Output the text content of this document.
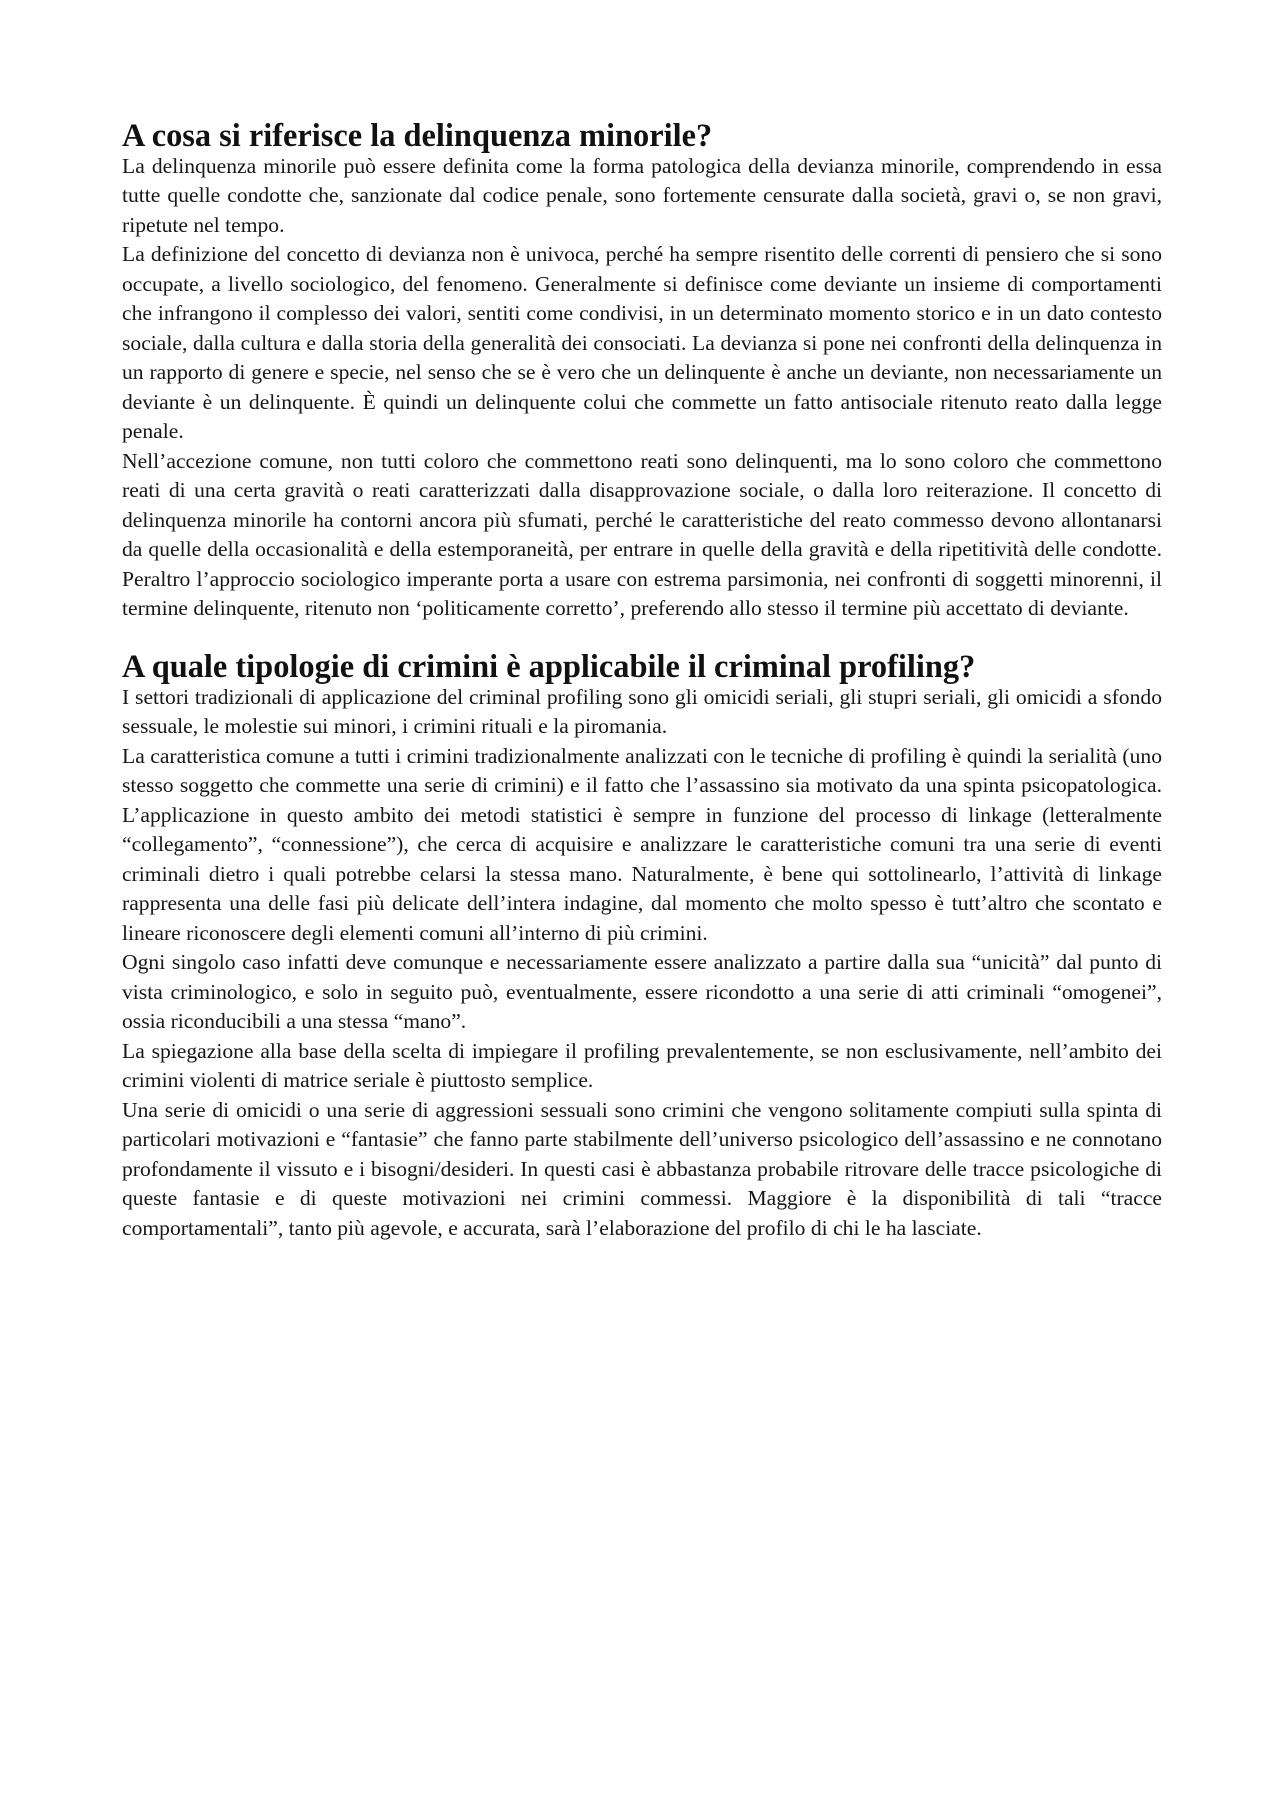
A cosa si riferisce la delinquenza minorile?

La delinquenza minorile può essere definita come la forma patologica della devianza minorile, comprendendo in essa tutte quelle condotte che, sanzionate dal codice penale, sono fortemente censurate dalla società, gravi o, se non gravi, ripetute nel tempo.

La definizione del concetto di devianza non è univoca, perché ha sempre risentito delle correnti di pensiero che si sono occupate, a livello sociologico, del fenomeno. Generalmente si definisce come deviante un insieme di comportamenti che infrangono il complesso dei valori, sentiti come condivisi, in un determinato momento storico e in un dato contesto sociale, dalla cultura e dalla storia della generalità dei consociati. La devianza si pone nei confronti della delinquenza in un rapporto di genere e specie, nel senso che se è vero che un delinquente è anche un deviante, non necessariamente un deviante è un delinquente. È quindi un delinquente colui che commette un fatto antisociale ritenuto reato dalla legge penale.

Nell’accezione comune, non tutti coloro che commettono reati sono delinquenti, ma lo sono coloro che commettono reati di una certa gravità o reati caratterizzati dalla disapprovazione sociale, o dalla loro reiterazione. Il concetto di delinquenza minorile ha contorni ancora più sfumati, perché le caratteristiche del reato commesso devono allontanarsi da quelle della occasionalità e della estemporaneità, per entrare in quelle della gravità e della ripetitività delle condotte. Peraltro l’approccio sociologico imperante porta a usare con estrema parsimonia, nei confronti di soggetti minorenni, il termine delinquente, ritenuto non ‘politicamente corretto’, preferendo allo stesso il termine più accettato di deviante.

A quale tipologie di crimini è applicabile il criminal profiling?

I settori tradizionali di applicazione del criminal profiling sono gli omicidi seriali, gli stupri seriali, gli omicidi a sfondo sessuale, le molestie sui minori, i crimini rituali e la piromania.

La caratteristica comune a tutti i crimini tradizionalmente analizzati con le tecniche di profiling è quindi la serialità (uno stesso soggetto che commette una serie di crimini) e il fatto che l’assassino sia motivato da una spinta psicopatologica. L’applicazione in questo ambito dei metodi statistici è sempre in funzione del processo di linkage (letteralmente “collegamento”, “connessione”), che cerca di acquisire e analizzare le caratteristiche comuni tra una serie di eventi criminali dietro i quali potrebbe celarsi la stessa mano. Naturalmente, è bene qui sottolinearlo, l’attività di linkage rappresenta una delle fasi più delicate dell’intera indagine, dal momento che molto spesso è tutt’altro che scontato e lineare riconoscere degli elementi comuni all’interno di più crimini.

Ogni singolo caso infatti deve comunque e necessariamente essere analizzato a partire dalla sua “unicità” dal punto di vista criminologico, e solo in seguito può, eventualmente, essere ricondotto a una serie di atti criminali “omogenei”, ossia riconducibili a una stessa “mano”.

La spiegazione alla base della scelta di impiegare il profiling prevalentemente, se non esclusivamente, nell’ambito dei crimini violenti di matrice seriale è piuttosto semplice.

Una serie di omicidi o una serie di aggressioni sessuali sono crimini che vengono solitamente compiuti sulla spinta di particolari motivazioni e “fantasie” che fanno parte stabilmente dell’universo psicologico dell’assassino e ne connotano profondamente il vissuto e i bisogni/desideri. In questi casi è abbastanza probabile ritrovare delle tracce psicologiche di queste fantasie e di queste motivazioni nei crimini commessi. Maggiore è la disponibilità di tali “tracce comportamentali”, tanto più agevole, e accurata, sarà l’elaborazione del profilo di chi le ha lasciate.
